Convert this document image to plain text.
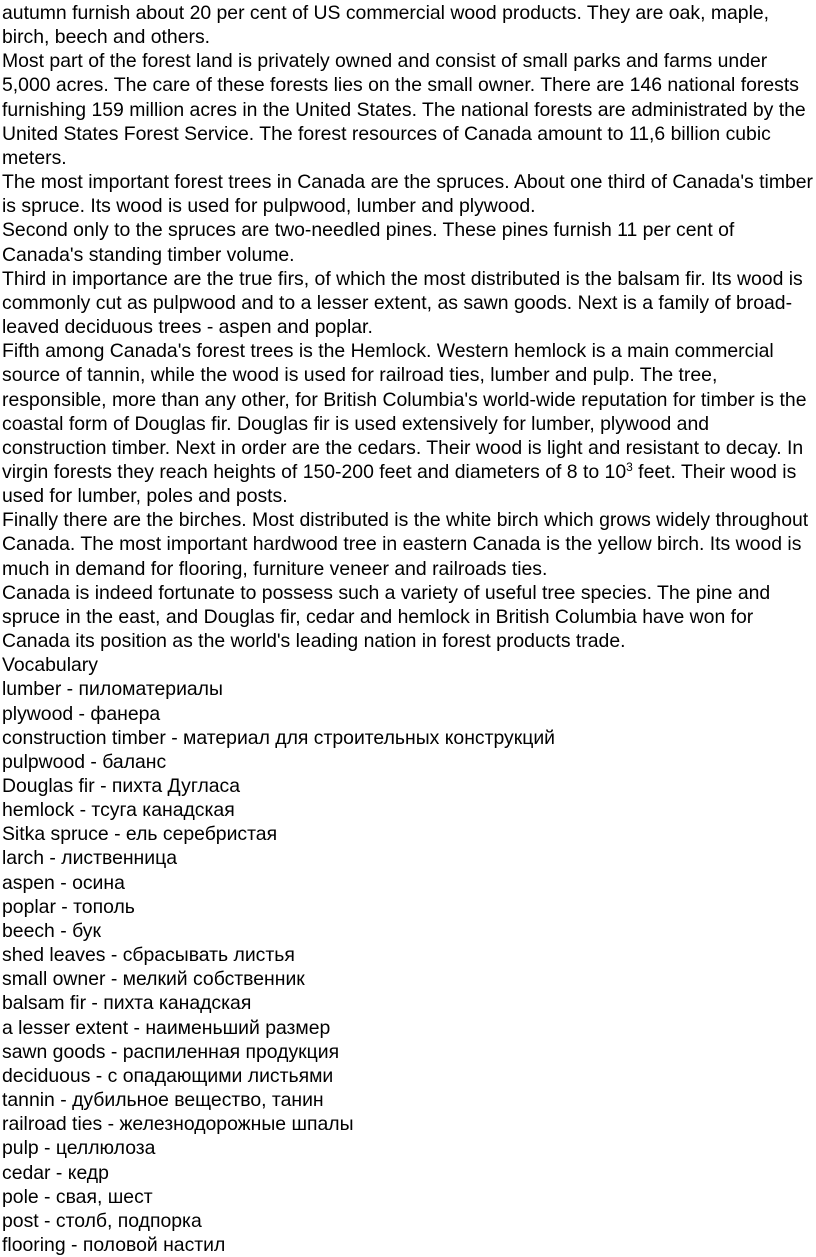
autumn furnish about 20 per cent of US commercial wood products. They are oak, maple, birch, beech and others.

Most part of the forest land is privately owned and consist of small parks and farms under 5,000 acres. The care of these forests lies on the small owner. There are 146 national forests furnishing 159 million acres in the United States. The national forests are administrated by the United States Forest Service. The forest resources of Canada amount to 11,6 billion cubic meters.

The most important forest trees in Canada are the spruces. About one third of Canada's timber is spruce. Its wood is used for pulpwood, lumber and plywood.

Second only to the spruces are two-needled pines. These pines furnish 11 per cent of Canada's standing timber volume.

Third in importance are the true firs, of which the most distributed is the balsam fir. Its wood is commonly cut as pulpwood and to a lesser extent, as sawn goods. Next is a family of broad-leaved deciduous trees - aspen and poplar.

Fifth among Canada's forest trees is the Hemlock. Western hemlock is a main commercial source of tannin, while the wood is used for railroad ties, lumber and pulp. The tree, responsible, more than any other, for British Columbia's world-wide reputation for timber is the coastal form of Douglas fir. Douglas fir is used extensively for lumber, plywood and construction timber. Next in order are the cedars. Their wood is light and resistant to decay. In virgin forests they reach heights of 150-200 feet and diameters of 8 to $10^3$ feet. Their wood is used for lumber, poles and posts.

Finally there are the birches. Most distributed is the white birch which grows widely throughout Canada. The most important hardwood tree in eastern Canada is the yellow birch. Its wood is much in demand for flooring, furniture veneer and railroads ties.

Canada is indeed fortunate to possess such a variety of useful tree species. The pine and spruce in the east, and Douglas fir, cedar and hemlock in British Columbia have won for Canada its position as the world's leading nation in forest products trade.

Vocabulary

lumber - пиломатериалы

plywood - фанера

construction timber - материал для строительных конструкций

pulpwood - баланс

Douglas fir - пихта Дугласа

hemlock - тсуга канадская

Sitka spruce - ель серебристая

larch - лиственница

aspen - осина

poplar - тополь

beech - бук

shed leaves - сбрасывать листья

small owner - мелкий собственник

balsam fir - пихта канадская

a lesser extent - наименьший размер

sawn goods - распиленная продукция

deciduous - с опадающими листьями

tannin - дубильное вещество, танин

railroad ties - железнодорожные шпалы

pulp - целлюлоза

cedar - кедр

pole - свая, шест

post - столб, подпорка

flooring - половой настил
